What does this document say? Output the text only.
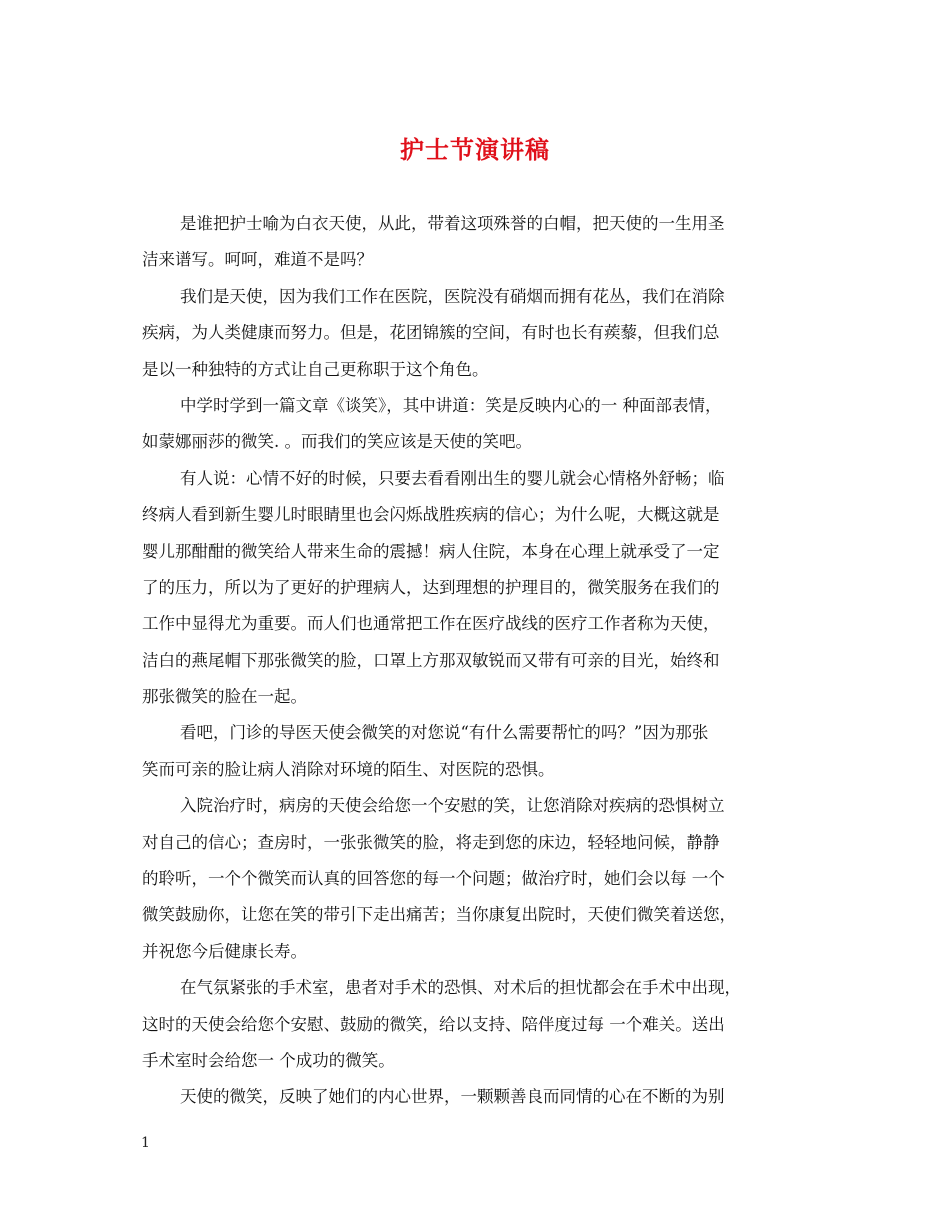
护士节演讲稿
是谁把护士喻为白衣天使，从此，带着这项殊誉的白帽，把天使的一生用圣
洁来谱写。呵呵，难道不是吗？
我们是天使，因为我们工作在医院，医院没有硝烟而拥有花丛，我们在消除
疾病，为人类健康而努力。但是，花团锦簇的空间，有时也长有蒺藜，但我们总
是以一种独特的方式让自己更称职于这个角色。
中学时学到一篇文章《谈笑》，其中讲道：笑是反映内心的一 种面部表情，
如蒙娜丽莎的微笑. 。而我们的笑应该是天使的笑吧。
有人说：心情不好的时候，只要去看看刚出生的婴儿就会心情格外舒畅；临
终病人看到新生婴儿时眼睛里也会闪烁战胜疾病的信心；为什么呢，大概这就是
婴儿那酣酣的微笑给人带来生命的震撼！病人住院，本身在心理上就承受了一定
了的压力，所以为了更好的护理病人，达到理想的护理目的，微笑服务在我们的
工作中显得尤为重要。而人们也通常把工作在医疗战线的医疗工作者称为天使，
洁白的燕尾帽下那张微笑的脸，口罩上方那双敏锐而又带有可亲的目光，始终和
那张微笑的脸在一起。
看吧，门诊的导医天使会微笑的对您说“有什么需要帮忙的吗？”因为那张
笑而可亲的脸让病人消除对环境的陌生、对医院的恐惧。
入院治疗时，病房的天使会给您一个安慰的笑，让您消除对疾病的恐惧树立
对自己的信心；查房时，一张张微笑的脸，将走到您的床边，轻轻地问候，静静
的聆听，一个个微笑而认真的回答您的每一个问题；做治疗时，她们会以每 一个
微笑鼓励你，让您在笑的带引下走出痛苦；当你康复出院时，天使们微笑着送您，
并祝您今后健康长寿。
在气氛紧张的手术室，患者对手术的恐惧、对术后的担忧都会在手术中出现，
这时的天使会给您个安慰、鼓励的微笑，给以支持、陪伴度过每 一个难关。送出
手术室时会给您一 个成功的微笑。
天使的微笑，反映了她们的内心世界，一颗颗善良而同情的心在不断的为别
1
